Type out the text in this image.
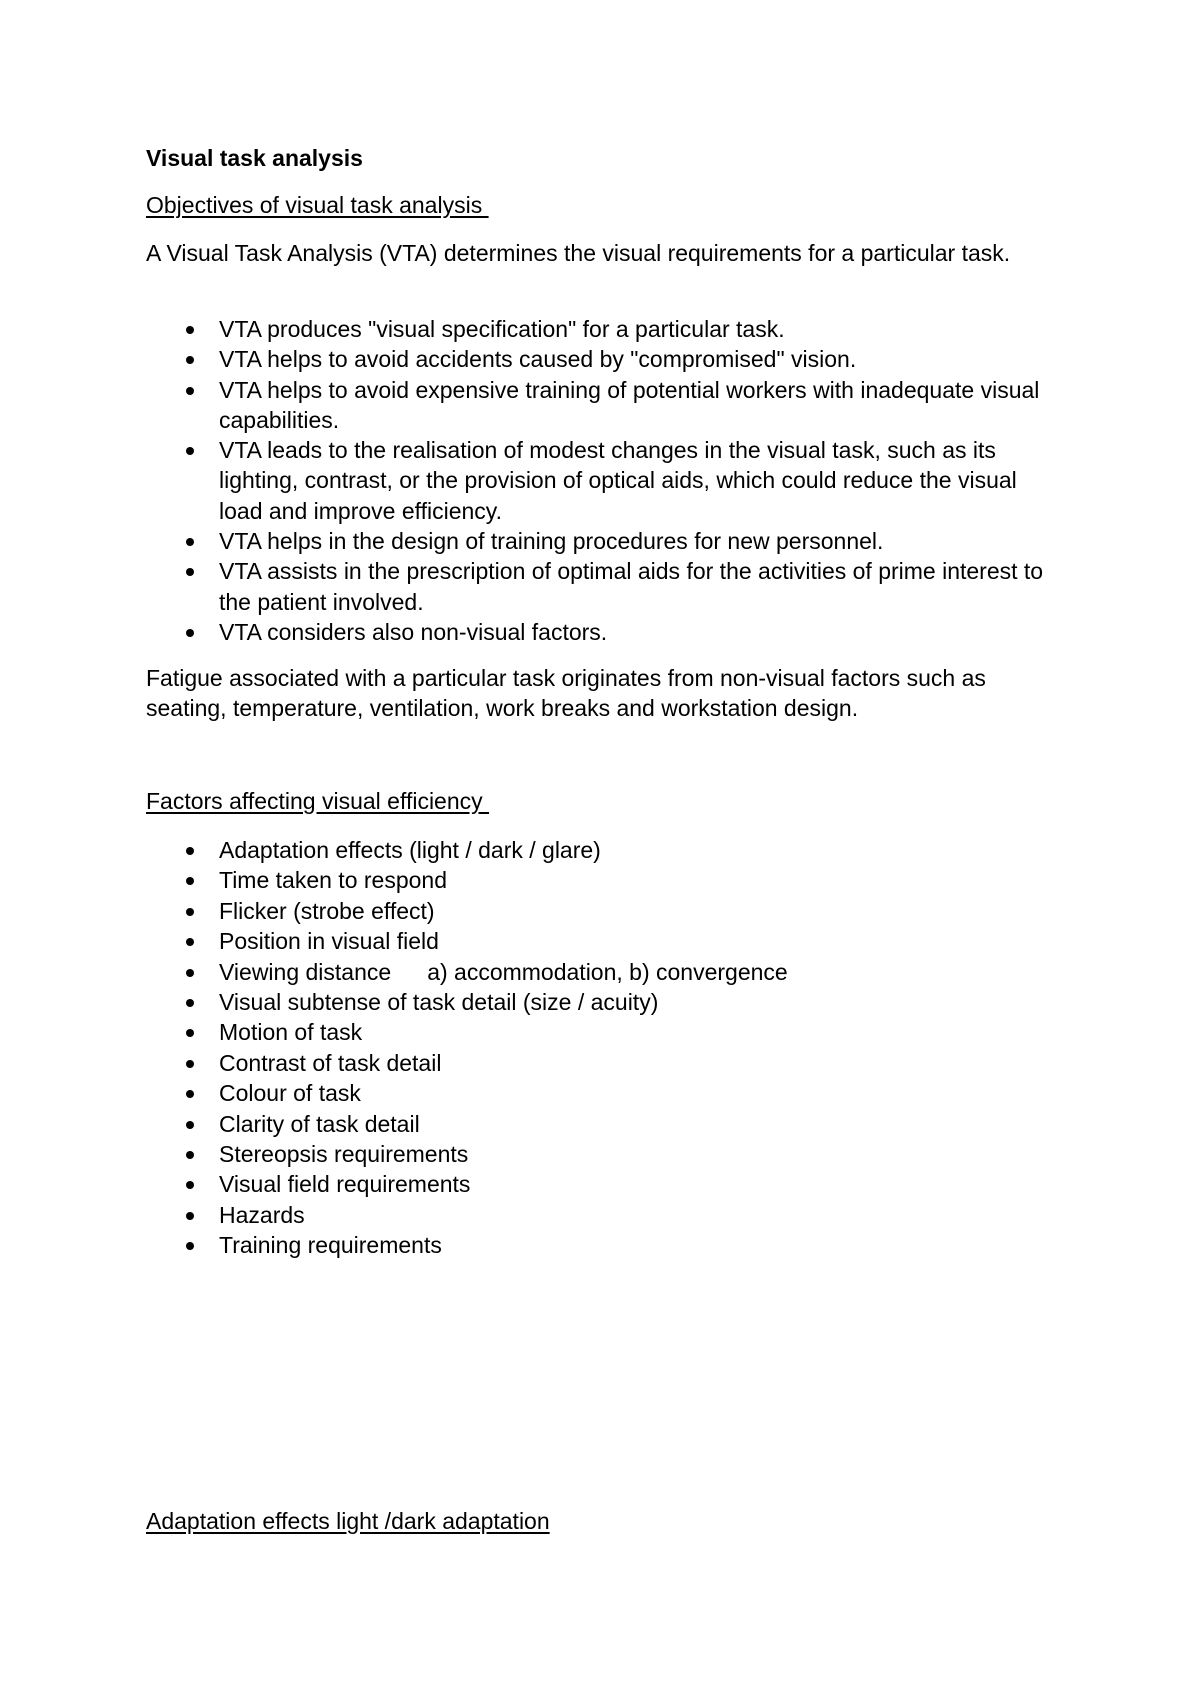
Visual task analysis
Objectives of visual task analysis
A Visual Task Analysis (VTA) determines the visual requirements for a particular task.
VTA produces "visual specification" for a particular task.
VTA helps to avoid accidents caused by "compromised" vision.
VTA helps to avoid expensive training of potential workers with inadequate visual capabilities.
VTA leads to the realisation of modest changes in the visual task, such as its lighting, contrast, or the provision of optical aids, which could reduce the visual load and improve efficiency.
VTA helps in the design of training procedures for new personnel.
VTA assists in the prescription of optimal aids for the activities of prime interest to the patient involved.
VTA considers also non-visual factors.
Fatigue associated with a particular task originates from non-visual factors such as seating, temperature, ventilation, work breaks and workstation design.
Factors affecting visual efficiency
Adaptation effects (light / dark / glare)
Time taken to respond
Flicker (strobe effect)
Position in visual field
Viewing distance a) accommodation, b) convergence
Visual subtense of task detail (size / acuity)
Motion of task
Contrast of task detail
Colour of task
Clarity of task detail
Stereopsis requirements
Visual field requirements
Hazards
Training requirements
Adaptation effects light /dark adaptation
